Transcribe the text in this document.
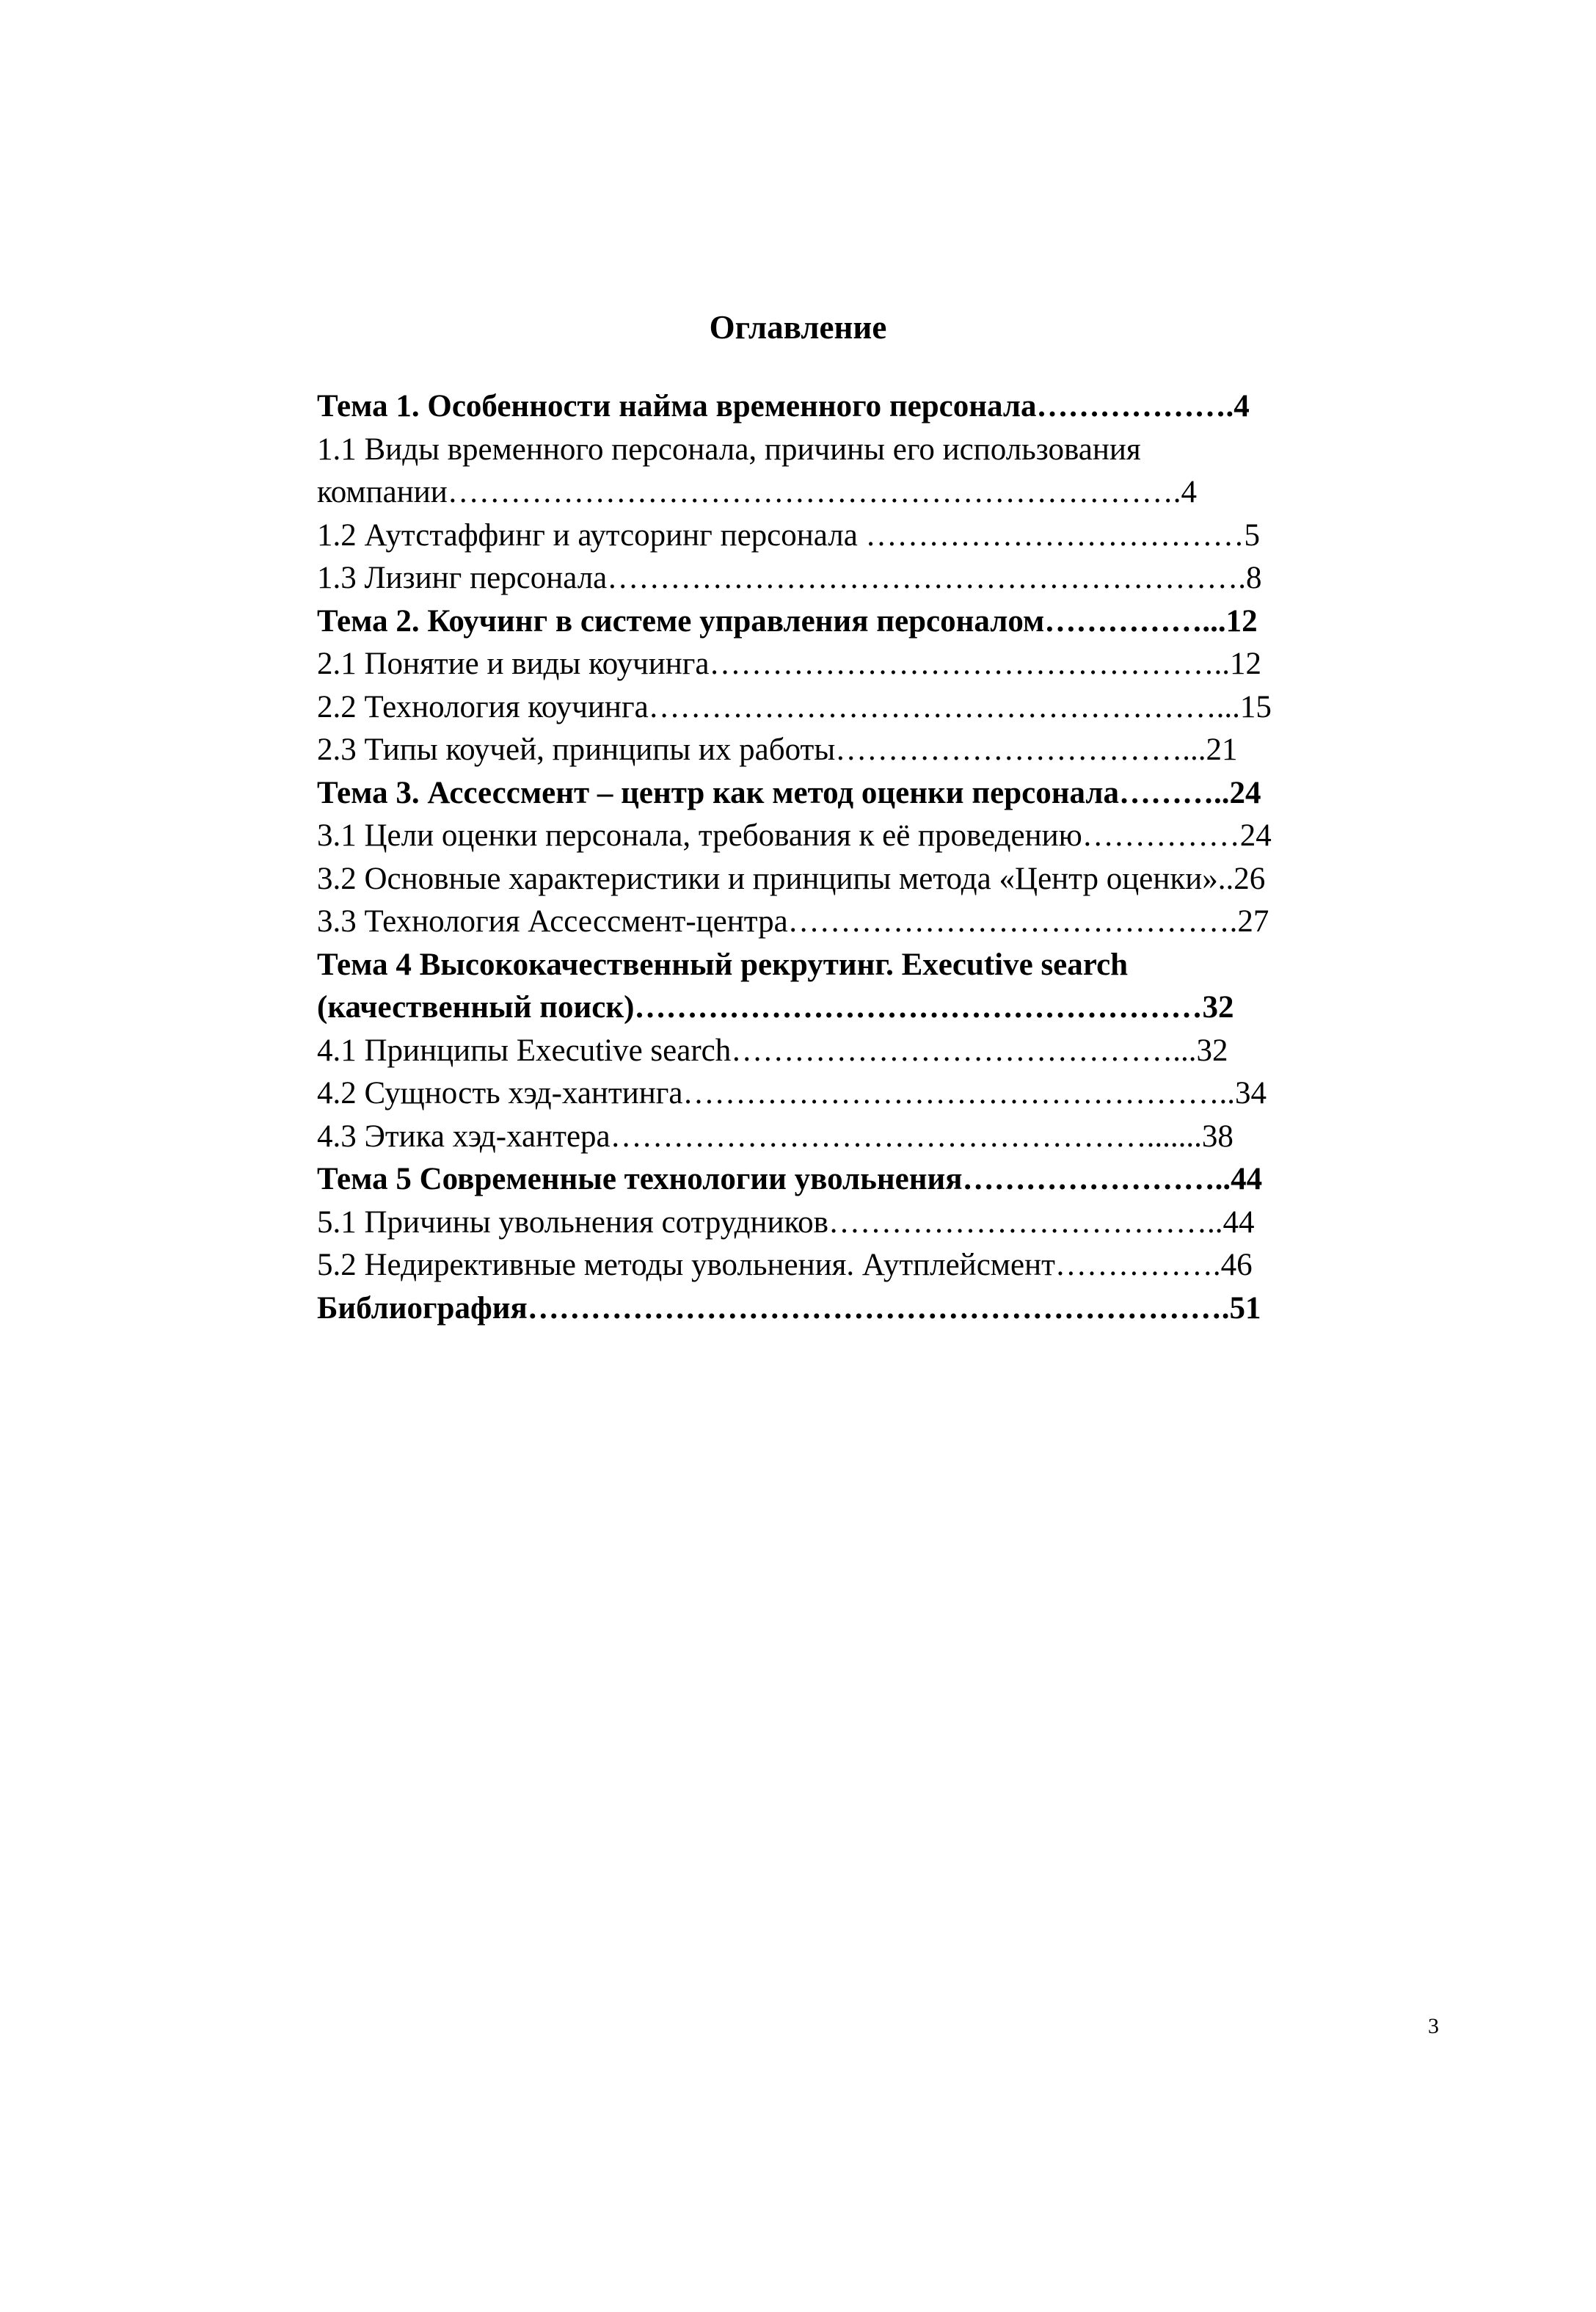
Оглавление
Тема 1. Особенности найма временного персонала……………….4
1.1 Виды временного персонала, причины его использования
компании…………………………………………………………….4
1.2 Аутстаффинг и аутсоринг персонала ………………………………5
1.3 Лизинг персонала…………………………………………………….8
Тема 2. Коучинг в системе управления персоналом……………...12
2.1 Понятие и виды коучинга…………………………………………..12
2.2 Технология коучинга………………………………………………...15
2.3 Типы коучей, принципы их работы……………………………...21
Тема 3. Ассессмент – центр как метод оценки персонала………..24
3.1 Цели оценки персонала, требования к её проведению……………24
3.2 Основные характеристики и принципы метода «Центр оценки»..26
3.3 Технология Ассессмент-центра…………………………………….27
Тема 4 Высококачественный рекрутинг. Executive search
(качественный поиск)………………………………………………32
4.1 Принципы Executive search……………………………………...32
4.2 Сущность хэд-хантинга……………………………………………..34
4.3 Этика хэд-хантера…………………………………………….......38
Тема 5 Современные технологии увольнения……………………..44
5.1 Причины увольнения сотрудников………………………………..44
5.2 Недирективные методы увольнения. Аутплейсмент…………….46
Библиография………………………………………………………….51
3
